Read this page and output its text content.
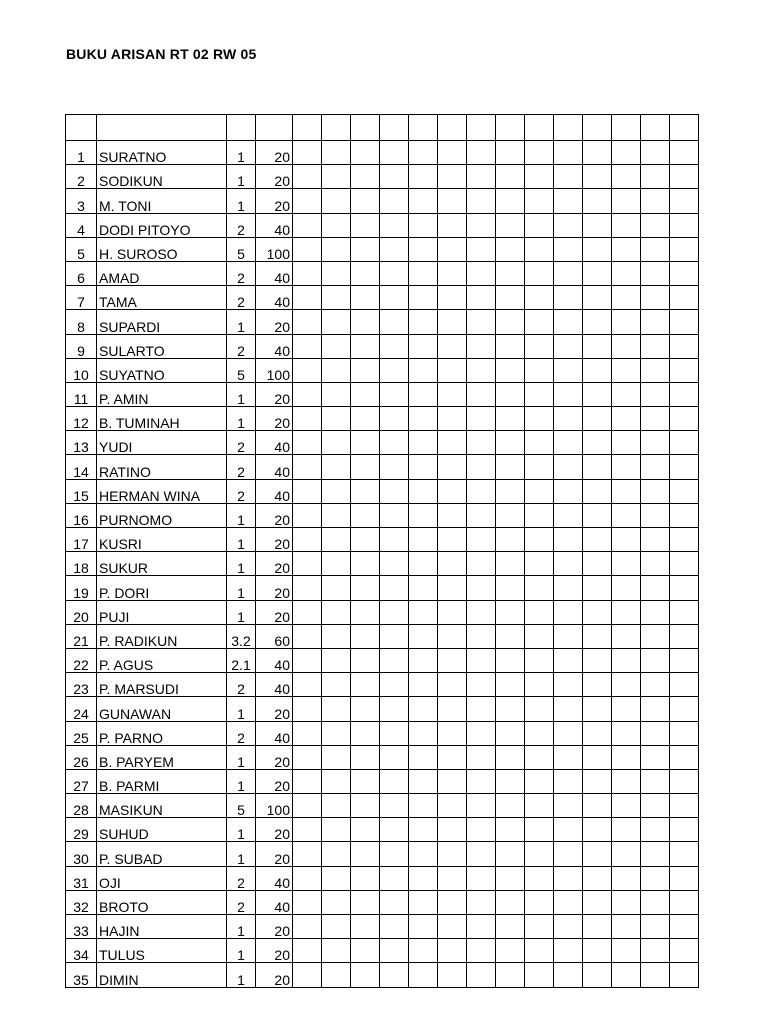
BUKU ARISAN RT 02 RW 05

1	SURATNO	1	20														
2	SODIKUN	1	20														
3	M. TONI	1	20														
4	DODI PITOYO	2	40														
5	H. SUROSO	5	100														
6	AMAD	2	40														
7	TAMA	2	40														
8	SUPARDI	1	20														
9	SULARTO	2	40														
10	SUYATNO	5	100														
11	P. AMIN	1	20														
12	B. TUMINAH	1	20														
13	YUDI	2	40														
14	RATINO	2	40														
15	HERMAN WINA	2	40														
16	PURNOMO	1	20														
17	KUSRI	1	20														
18	SUKUR	1	20														
19	P. DORI	1	20														
20	PUJI	1	20														
21	P. RADIKUN	3.2	60														
22	P. AGUS	2.1	40														
23	P. MARSUDI	2	40														
24	GUNAWAN	1	20														
25	P. PARNO	2	40														
26	B. PARYEM	1	20														
27	B. PARMI	1	20														
28	MASIKUN	5	100														
29	SUHUD	1	20														
30	P. SUBAD	1	20														
31	OJI	2	40														
32	BROTO	2	40														
33	HAJIN	1	20														
34	TULUS	1	20														
35	DIMIN	1	20														
